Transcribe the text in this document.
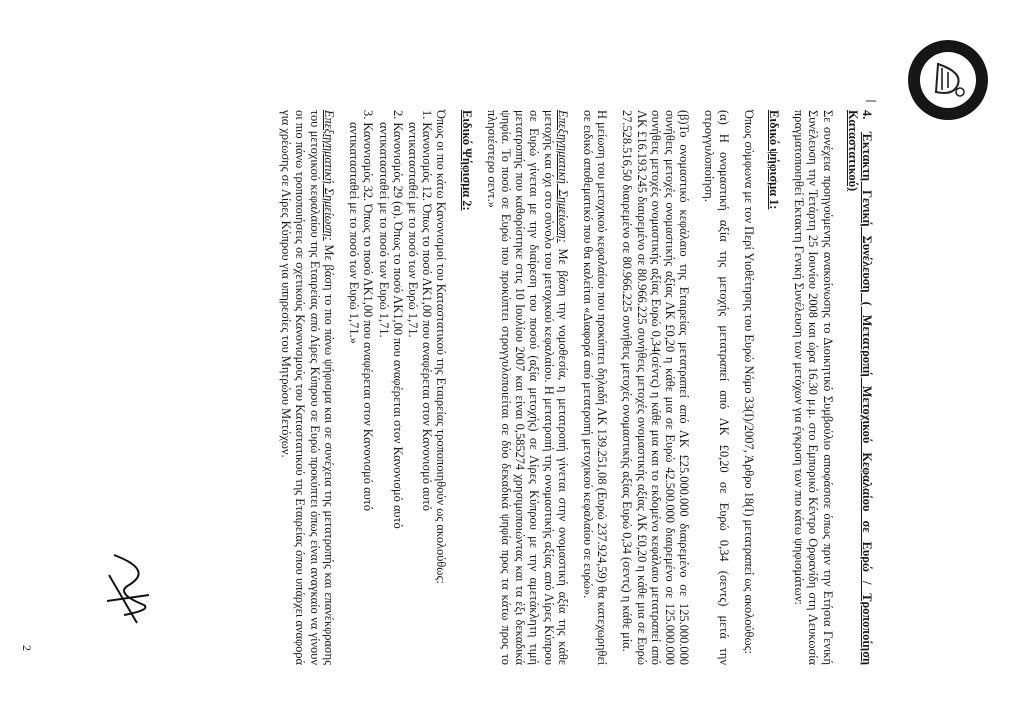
4.Έκτακτη Γενική Συνέλευση ( Μετατροπή Μετοχικού Κεφαλαίου σε Ευρώ / Τροποποίηση Καταστατικού)

Σε συνέχεια προηγούμενης ανακοίνωσης το Διοικητικό Συμβούλιο αποφάσισε όπως πριν την Ετήσια Γενική Συνέλευση την Τετάρτη 25 Ιουνίου 2008 και ώρα 16.30 μ.μ. στο Εμπορικό Κέντρο Ορφανίδη στη Λευκωσία πραγματοποιηθεί Έκτακτη Γενική Συνέλευση των μετόχων για έγκριση των πιο κάτω ψηφισμάτων:

Ειδικό ψήφισμα 1:

Όπως σύμφωνα με τον Περί Υιοθέτησης του Ευρώ Νόμο 33(I)/2007, Άρθρο 18(I) μετατραπεί ως ακολούθως:

(α) Η ονομαστική αξία της μετοχής μετατραπεί από ΛΚ £0,20 σε Ευρώ 0,34 (σεντς) μετά την στρογγυλοποίηση.

(β)Το ονομαστικό κεφάλαιο της Εταιρείας μετατραπεί από ΛΚ £25.000.000 διαιρεμένο σε 125.000.000 συνήθεις μετοχές ονομαστικής αξίας ΛΚ £0,20 η κάθε μια σε Ευρώ 42.500.000 διαιρεμένο σε 125.000.000 συνήθεις μετοχές ονομαστικής αξίας Ευρώ 0,34(σέντς) η κάθε μια και το εκδομένο κεφάλαιο μετατραπεί από ΛΚ £16.193.245 διαιρεμένο σε 80.966.225 συνήθεις μετοχές ονομαστικής αξίας ΛΚ £0,20 η κάθε μια σε Ευρώ 27.528.516,50 διαιρεμένο σε 80.966.225 συνήθεις μετοχές ονομαστικής αξίας Ευρώ 0,34 (σεντς) η κάθε μία.

Η μείωση του μετοχικού κεφαλαίου που προκύπτει δηλαδή ΛΚ 139.251,08 (Ευρώ 237.924,59) θα κατεχωρηθεί σε ειδικό αποθεματικό που θα καλείται «Διαφορά από μετατροπή μετοχικού κεφαλαίου σε ευρώ».

Επεξηγηματική Σημείωση: Με βάση την νομοθεσία, η μετατροπή γίνεται στην ονομαστική αξία της κάθε μετοχής και όχι στο σύνολο του μετοχικού κεφαλαίου. Η μετατροπή της ονομαστικής αξίας από Λίρες Κύπρου σε Ευρώ γίνεται με την διαίρεση του ποσού (αξία μετοχής) σε Λίρες Κύπρου με την αμετάκλητη τιμή μετατροπής που καθορίστηκε στις 10 Ιουλίου 2007 και είναι 0,585274 χρησιμοποιώντας και τα έξι δεκαδικά ψηφία. Το ποσό σε Ευρώ που προκύπτει στρογγυλοποιείται σε δύο δεκαδικά ψηφία προς τα κάτω προς το πλησιέστερο σεντ.»

Ειδικό Ψήφισμα 2:

Όπως οι πιο κάτω Κανονισμοί του Καταστατικού της Εταιρείας τροποποιηθούν ως ακολούθως:
1. Κανονισμός 12. Όπως το ποσό ΛΚ1,00 που αναφέρεται στον Κανονισμό αυτό
αντικατασταθεί με το ποσό των Ευρώ 1,71.
2. Κανονισμός 29 (α). Όπως το ποσό ΛΚ1,00 που αναφέρεται στον Κανονισμό αυτό
αντικατασταθεί με το ποσό των Ευρώ 1,71.
3. Κανονισμός 32. Όπως το ποσό ΛΚ1,00 που αναφέρεται στον Κανονισμό αυτό
αντικατασταθεί με το ποσό των Ευρώ 1,71.»

Επεξηγηματική Σημείωση: Με βάση το πιο πάνω ψήφισμα και σε συνέχεια της μετατροπής και επανέκφρασης του μετοχικού κεφαλαίου της Εταιρείας από Λίρες Κύπρου σε Ευρώ προκύπτει όπως είναι αναγκαίο να γίνουν οι πιο πάνω τροποποιήσεις σε σχετικούς Κανονισμούς του Καταστατικού της Εταιρείας όπου υπάρχει αναφορά για χρέωσης σε Λίρες Κύπρου για υπηρεσίες του Μητρώου Μετόχων.

2
